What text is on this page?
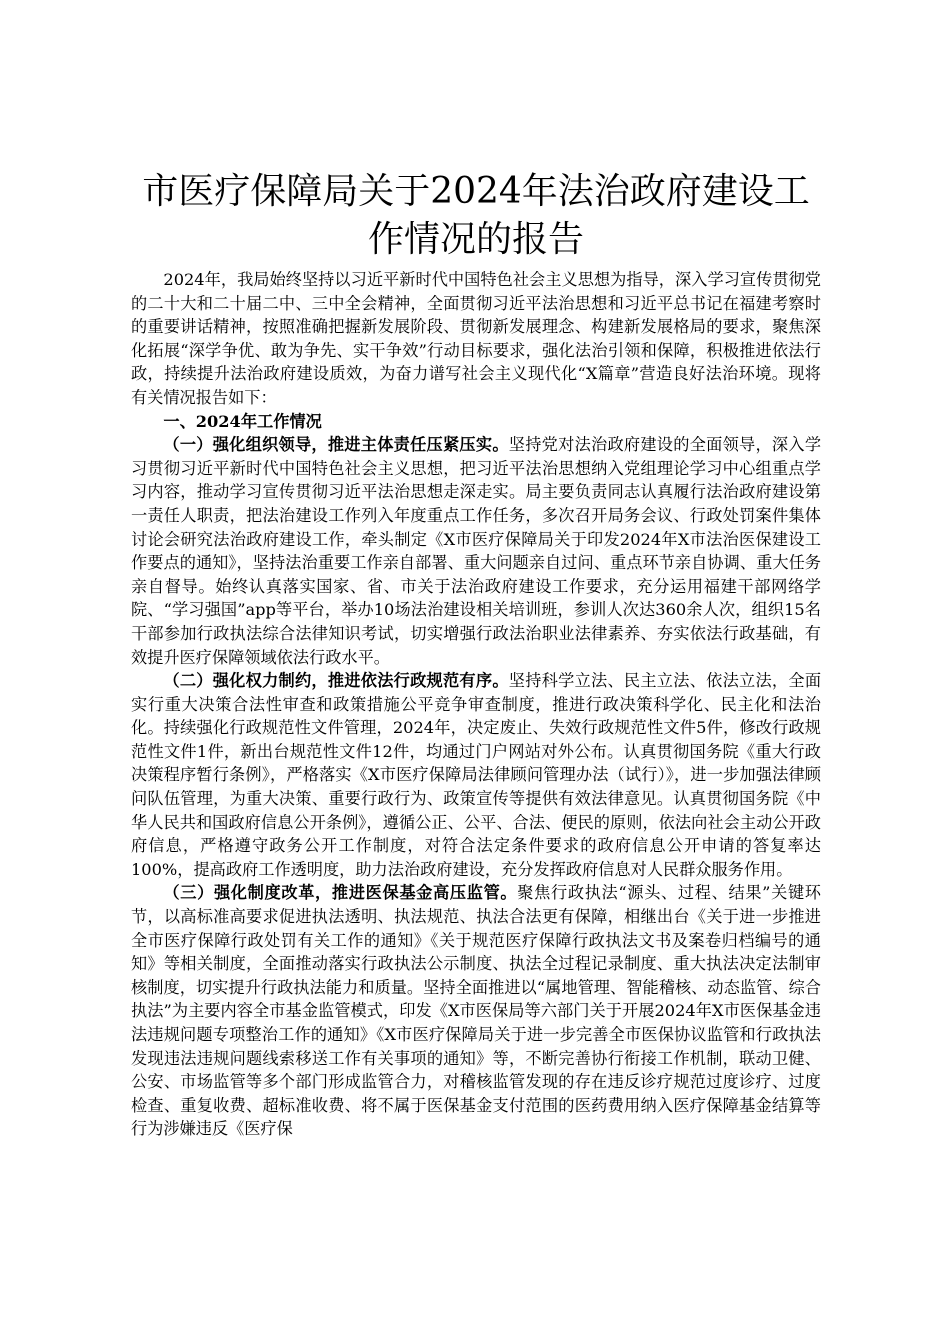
市医疗保障局关于2024年法治政府建设工作情况的报告

2024年，我局始终坚持以习近平新时代中国特色社会主义思想为指导，深入学习宣传贯彻党的二十大和二十届二中、三中全会精神，全面贯彻习近平法治思想和习近平总书记在福建考察时的重要讲话精神，按照准确把握新发展阶段、贯彻新发展理念、构建新发展格局的要求，聚焦深化拓展“深学争优、敢为争先、实干争效”行动目标要求，强化法治引领和保障，积极推进依法行政，持续提升法治政府建设质效，为奋力谱写社会主义现代化“X篇章”营造良好法治环境。现将有关情况报告如下：

一、2024年工作情况

（一）强化组织领导，推进主体责任压紧压实。坚持党对法治政府建设的全面领导，深入学习贯彻习近平新时代中国特色社会主义思想，把习近平法治思想纳入党组理论学习中心组重点学习内容，推动学习宣传贯彻习近平法治思想走深走实。局主要负责同志认真履行法治政府建设第一责任人职责，把法治建设工作列入年度重点工作任务，多次召开局务会议、行政处罚案件集体讨论会研究法治政府建设工作，牵头制定《X市医疗保障局关于印发2024年X市法治医保建设工作要点的通知》，坚持法治重要工作亲自部署、重大问题亲自过问、重点环节亲自协调、重大任务亲自督导。始终认真落实国家、省、市关于法治政府建设工作要求，充分运用福建干部网络学院、“学习强国”app等平台，举办10场法治建设相关培训班，参训人次达360余人次，组织15名干部参加行政执法综合法律知识考试，切实增强行政法治职业法律素养、夯实依法行政基础，有效提升医疗保障领域依法行政水平。

（二）强化权力制约，推进依法行政规范有序。坚持科学立法、民主立法、依法立法，全面实行重大决策合法性审查和政策措施公平竞争审查制度，推进行政决策科学化、民主化和法治化。持续强化行政规范性文件管理，2024年，决定废止、失效行政规范性文件5件，修改行政规范性文件1件，新出台规范性文件12件，均通过门户网站对外公布。认真贯彻国务院《重大行政决策程序暂行条例》，严格落实《X市医疗保障局法律顾问管理办法（试行）》，进一步加强法律顾问队伍管理，为重大决策、重要行政行为、政策宣传等提供有效法律意见。认真贯彻国务院《中华人民共和国政府信息公开条例》，遵循公正、公平、合法、便民的原则，依法向社会主动公开政府信息，严格遵守政务公开工作制度，对符合法定条件要求的政府信息公开申请的答复率达100%，提高政府工作透明度，助力法治政府建设，充分发挥政府信息对人民群众服务作用。

（三）强化制度改革，推进医保基金高压监管。聚焦行政执法“源头、过程、结果”关键环节，以高标准高要求促进执法透明、执法规范、执法合法更有保障，相继出台《关于进一步推进全市医疗保障行政处罚有关工作的通知》《关于规范医疗保障行政执法文书及案卷归档编号的通知》等相关制度，全面推动落实行政执法公示制度、执法全过程记录制度、重大执法决定法制审核制度，切实提升行政执法能力和质量。坚持全面推进以“属地管理、智能稽核、动态监管、综合执法”为主要内容全市基金监管模式，印发《X市医保局等六部门关于开展2024年X市医保基金违法违规问题专项整治工作的通知》《X市医疗保障局关于进一步完善全市医保协议监管和行政执法发现违法违规问题线索移送工作有关事项的通知》等，不断完善协行衔接工作机制，联动卫健、公安、市场监管等多个部门形成监管合力，对稽核监管发现的存在违反诊疗规范过度诊疗、过度检查、重复收费、超标准收费、将不属于医保基金支付范围的医药费用纳入医疗保障基金结算等行为涉嫌违反《医疗保
